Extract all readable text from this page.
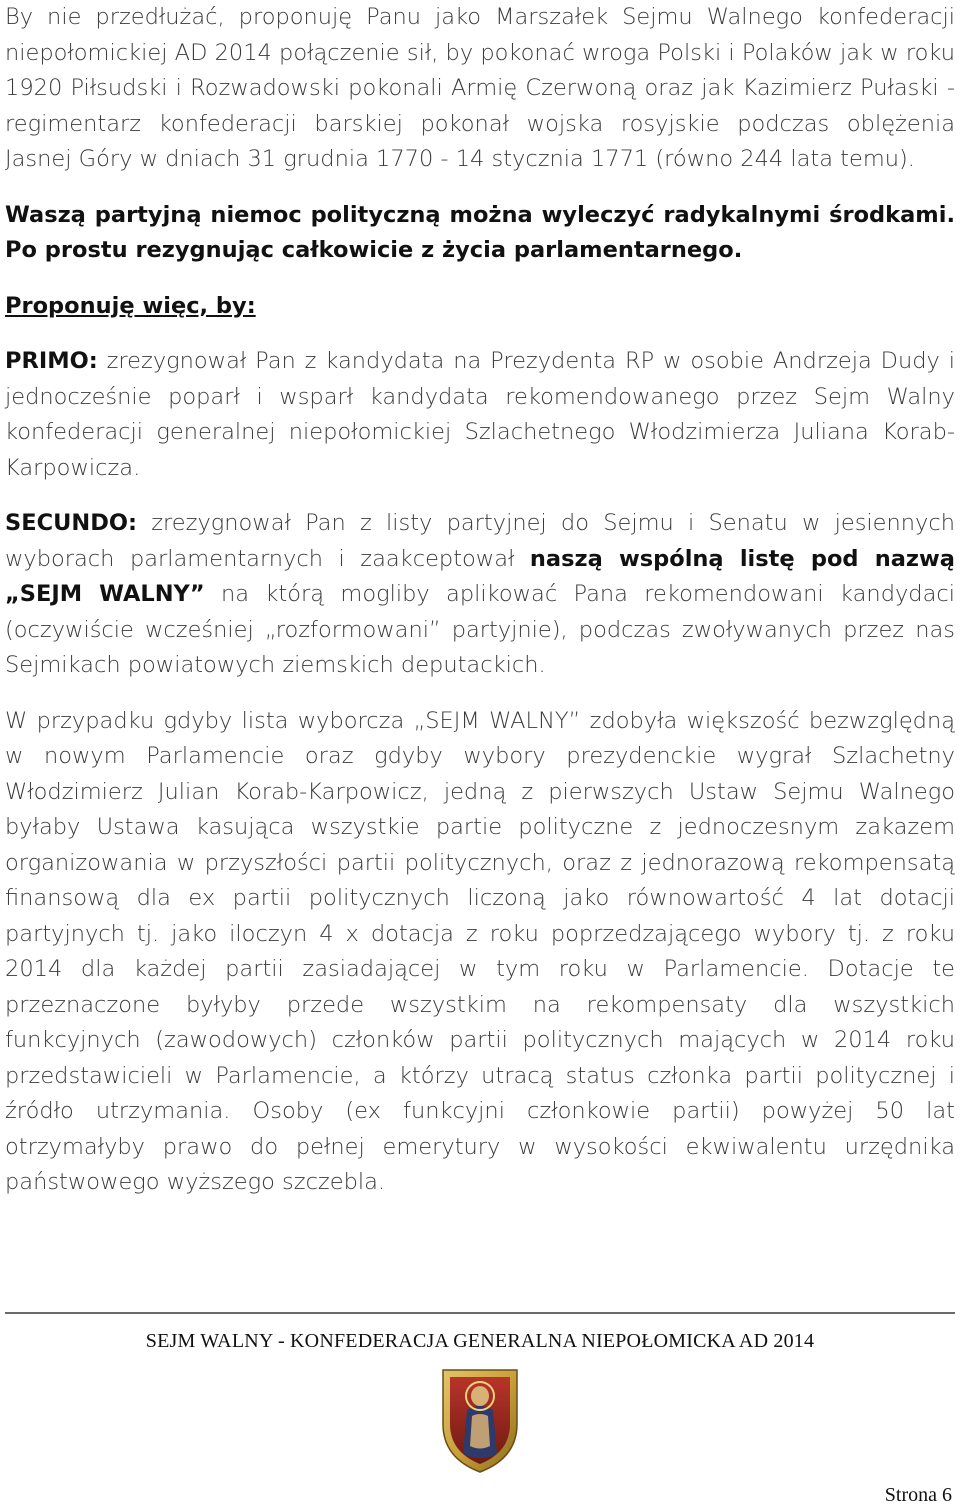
By nie przedłużać, proponuję Panu jako Marszałek Sejmu Walnego konfederacji niepołomickiej AD 2014 połączenie sił, by pokonać wroga Polski i Polaków jak w roku 1920 Piłsudski i Rozwadowski pokonali Armię Czerwoną oraz jak Kazimierz Pułaski - regimentarz konfederacji barskiej pokonał wojska rosyjskie podczas oblężenia Jasnej Góry w dniach 31 grudnia 1770 - 14 stycznia 1771 (równo 244 lata temu).

Waszą partyjną niemoc polityczną można wyleczyć radykalnymi środkami. Po prostu rezygnując całkowicie z życia parlamentarnego.

Proponuję więc, by:

PRIMO: zrezygnował Pan z kandydata na Prezydenta RP w osobie Andrzeja Dudy i jednocześnie poparł i wsparł kandydata rekomendowanego przez Sejm Walny konfederacji generalnej niepołomickiej Szlachetnego Włodzimierza Juliana Korab-Karpowicza.

SECUNDO: zrezygnował Pan z listy partyjnej do Sejmu i Senatu w jesiennych wyborach parlamentarnych i zaakceptował naszą wspólną listę pod nazwą „SEJM WALNY” na którą mogliby aplikować Pana rekomendowani kandydaci (oczywiście wcześniej „rozformowani” partyjnie), podczas zwoływanych przez nas Sejmikach powiatowych ziemskich deputackich.

W przypadku gdyby lista wyborcza „SEJM WALNY” zdobyła większość bezwzględną w nowym Parlamencie oraz gdyby wybory prezydenckie wygrał Szlachetny Włodzimierz Julian Korab-Karpowicz, jedną z pierwszych Ustaw Sejmu Walnego byłaby Ustawa kasująca wszystkie partie polityczne z jednoczesnym zakazem organizowania w przyszłości partii politycznych, oraz z jednorazową rekompensatą finansową dla ex partii politycznych liczoną jako równowartość 4 lat dotacji partyjnych tj. jako iloczyn 4 x dotacja z roku poprzedzającego wybory tj. z roku 2014 dla każdej partii zasiadającej w tym roku w Parlamencie. Dotacje te przeznaczone byłyby przede wszystkim na rekompensaty dla wszystkich funkcyjnych (zawodowych) członków partii politycznych mających w 2014 roku przedstawicieli w Parlamencie, a którzy utracą status członka partii politycznej i źródło utrzymania. Osoby (ex funkcyjni członkowie partii) powyżej 50 lat otrzymałyby prawo do pełnej emerytury w wysokości ekwiwalentu urzędnika państwowego wyższego szczebla.

SEJM WALNY - KONFEDERACJA GENERALNA NIEPOŁOMICKA AD 2014
Strona 6
